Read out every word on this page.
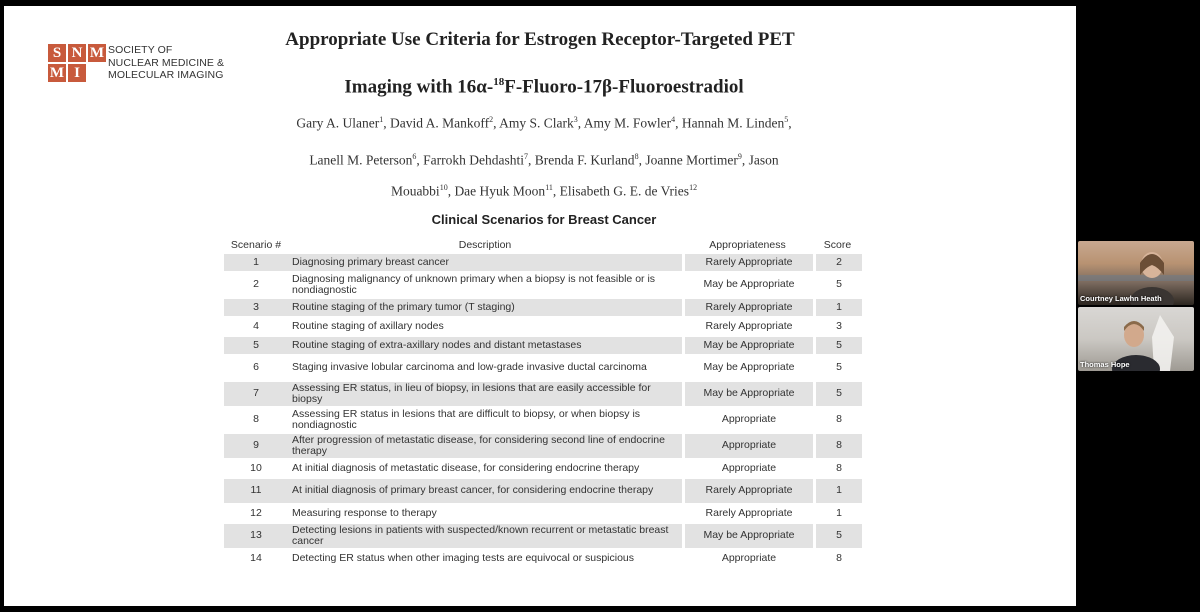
S N M
M I
SOCIETY OF
NUCLEAR MEDICINE &
MOLECULAR IMAGING
Appropriate Use Criteria for Estrogen Receptor-Targeted PET
Imaging with 16α-$^{18}$F-Fluoro-17β-Fluoroestradiol
Gary A. Ulaner$^1$, David A. Mankoff$^2$, Amy S. Clark$^3$, Amy M. Fowler$^4$, Hannah M. Linden$^5$,
Lanell M. Peterson$^6$, Farrokh Dehdashti$^7$, Brenda F. Kurland$^8$, Joanne Mortimer$^9$, Jason
Mouabbi$^{10}$, Dae Hyuk Moon$^{11}$, Elisabeth G. E. de Vries$^{12}$
Clinical Scenarios for Breast Cancer
Scenario #	Description	Appropriateness	Score
1	Diagnosing primary breast cancer	Rarely Appropriate	2
2	Diagnosing malignancy of unknown primary when a biopsy is not feasible or is nondiagnostic	May be Appropriate	5
3	Routine staging of the primary tumor (T staging)	Rarely Appropriate	1
4	Routine staging of axillary nodes	Rarely Appropriate	3
5	Routine staging of extra-axillary nodes and distant metastases	May be Appropriate	5
6	Staging invasive lobular carcinoma and low-grade invasive ductal carcinoma	May be Appropriate	5
7	Assessing ER status, in lieu of biopsy, in lesions that are easily accessible for biopsy	May be Appropriate	5
8	Assessing ER status in lesions that are difficult to biopsy, or when biopsy is nondiagnostic	Appropriate	8
9	After progression of metastatic disease, for considering second line of endocrine therapy	Appropriate	8
10	At initial diagnosis of metastatic disease, for considering endocrine therapy	Appropriate	8
11	At initial diagnosis of primary breast cancer, for considering endocrine therapy	Rarely Appropriate	1
12	Measuring response to therapy	Rarely Appropriate	1
13	Detecting lesions in patients with suspected/known recurrent or metastatic breast cancer	May be Appropriate	5
14	Detecting ER status when other imaging tests are equivocal or suspicious	Appropriate	8
Courtney Lawhn Heath
Thomas Hope
